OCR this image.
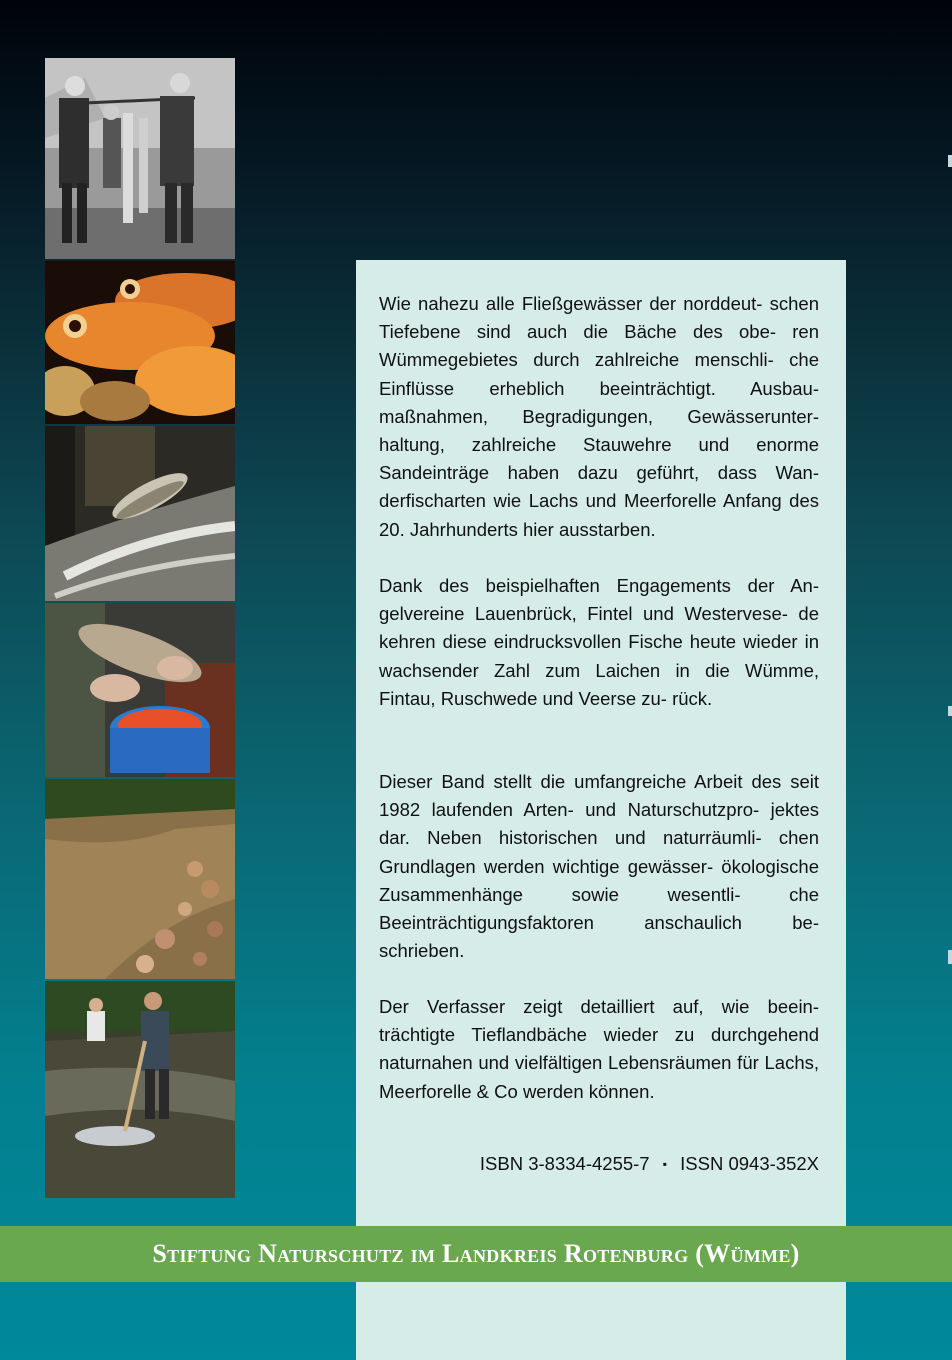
Wie nahezu alle Fließgewässer der norddeut- schen Tiefebene sind auch die Bäche des obe- ren Wümmegebietes durch zahlreiche menschli- che Einflüsse erheblich beeinträchtigt. Ausbau- maßnahmen, Begradigungen, Gewässerunter- haltung, zahlreiche Stauwehre und enorme Sandeinträge haben dazu geführt, dass Wan- derfischarten wie Lachs und Meerforelle Anfang des 20. Jahrhunderts hier ausstarben.

Dank des beispielhaften Engagements der An- gelvereine Lauenbrück, Fintel und Westervese- de kehren diese eindrucksvollen Fische heute wieder in wachsender Zahl zum Laichen in die Wümme, Fintau, Ruschwede und Veerse zu- rück.

Dieser Band stellt die umfangreiche Arbeit des seit 1982 laufenden Arten- und Naturschutzpro- jektes dar. Neben historischen und naturräumli- chen Grundlagen werden wichtige gewässer- ökologische Zusammenhänge sowie wesentli- che Beeinträchtigungsfaktoren anschaulich be- schrieben.

Der Verfasser zeigt detailliert auf, wie beein- trächtigte Tieflandbäche wieder zu durchgehend naturnahen und vielfältigen Lebensräumen für Lachs, Meerforelle & Co werden können.

ISBN 3-8334-4255-7 ▪ ISSN 0943-352X
Stiftung Naturschutz im Landkreis Rotenburg (Wümme)
